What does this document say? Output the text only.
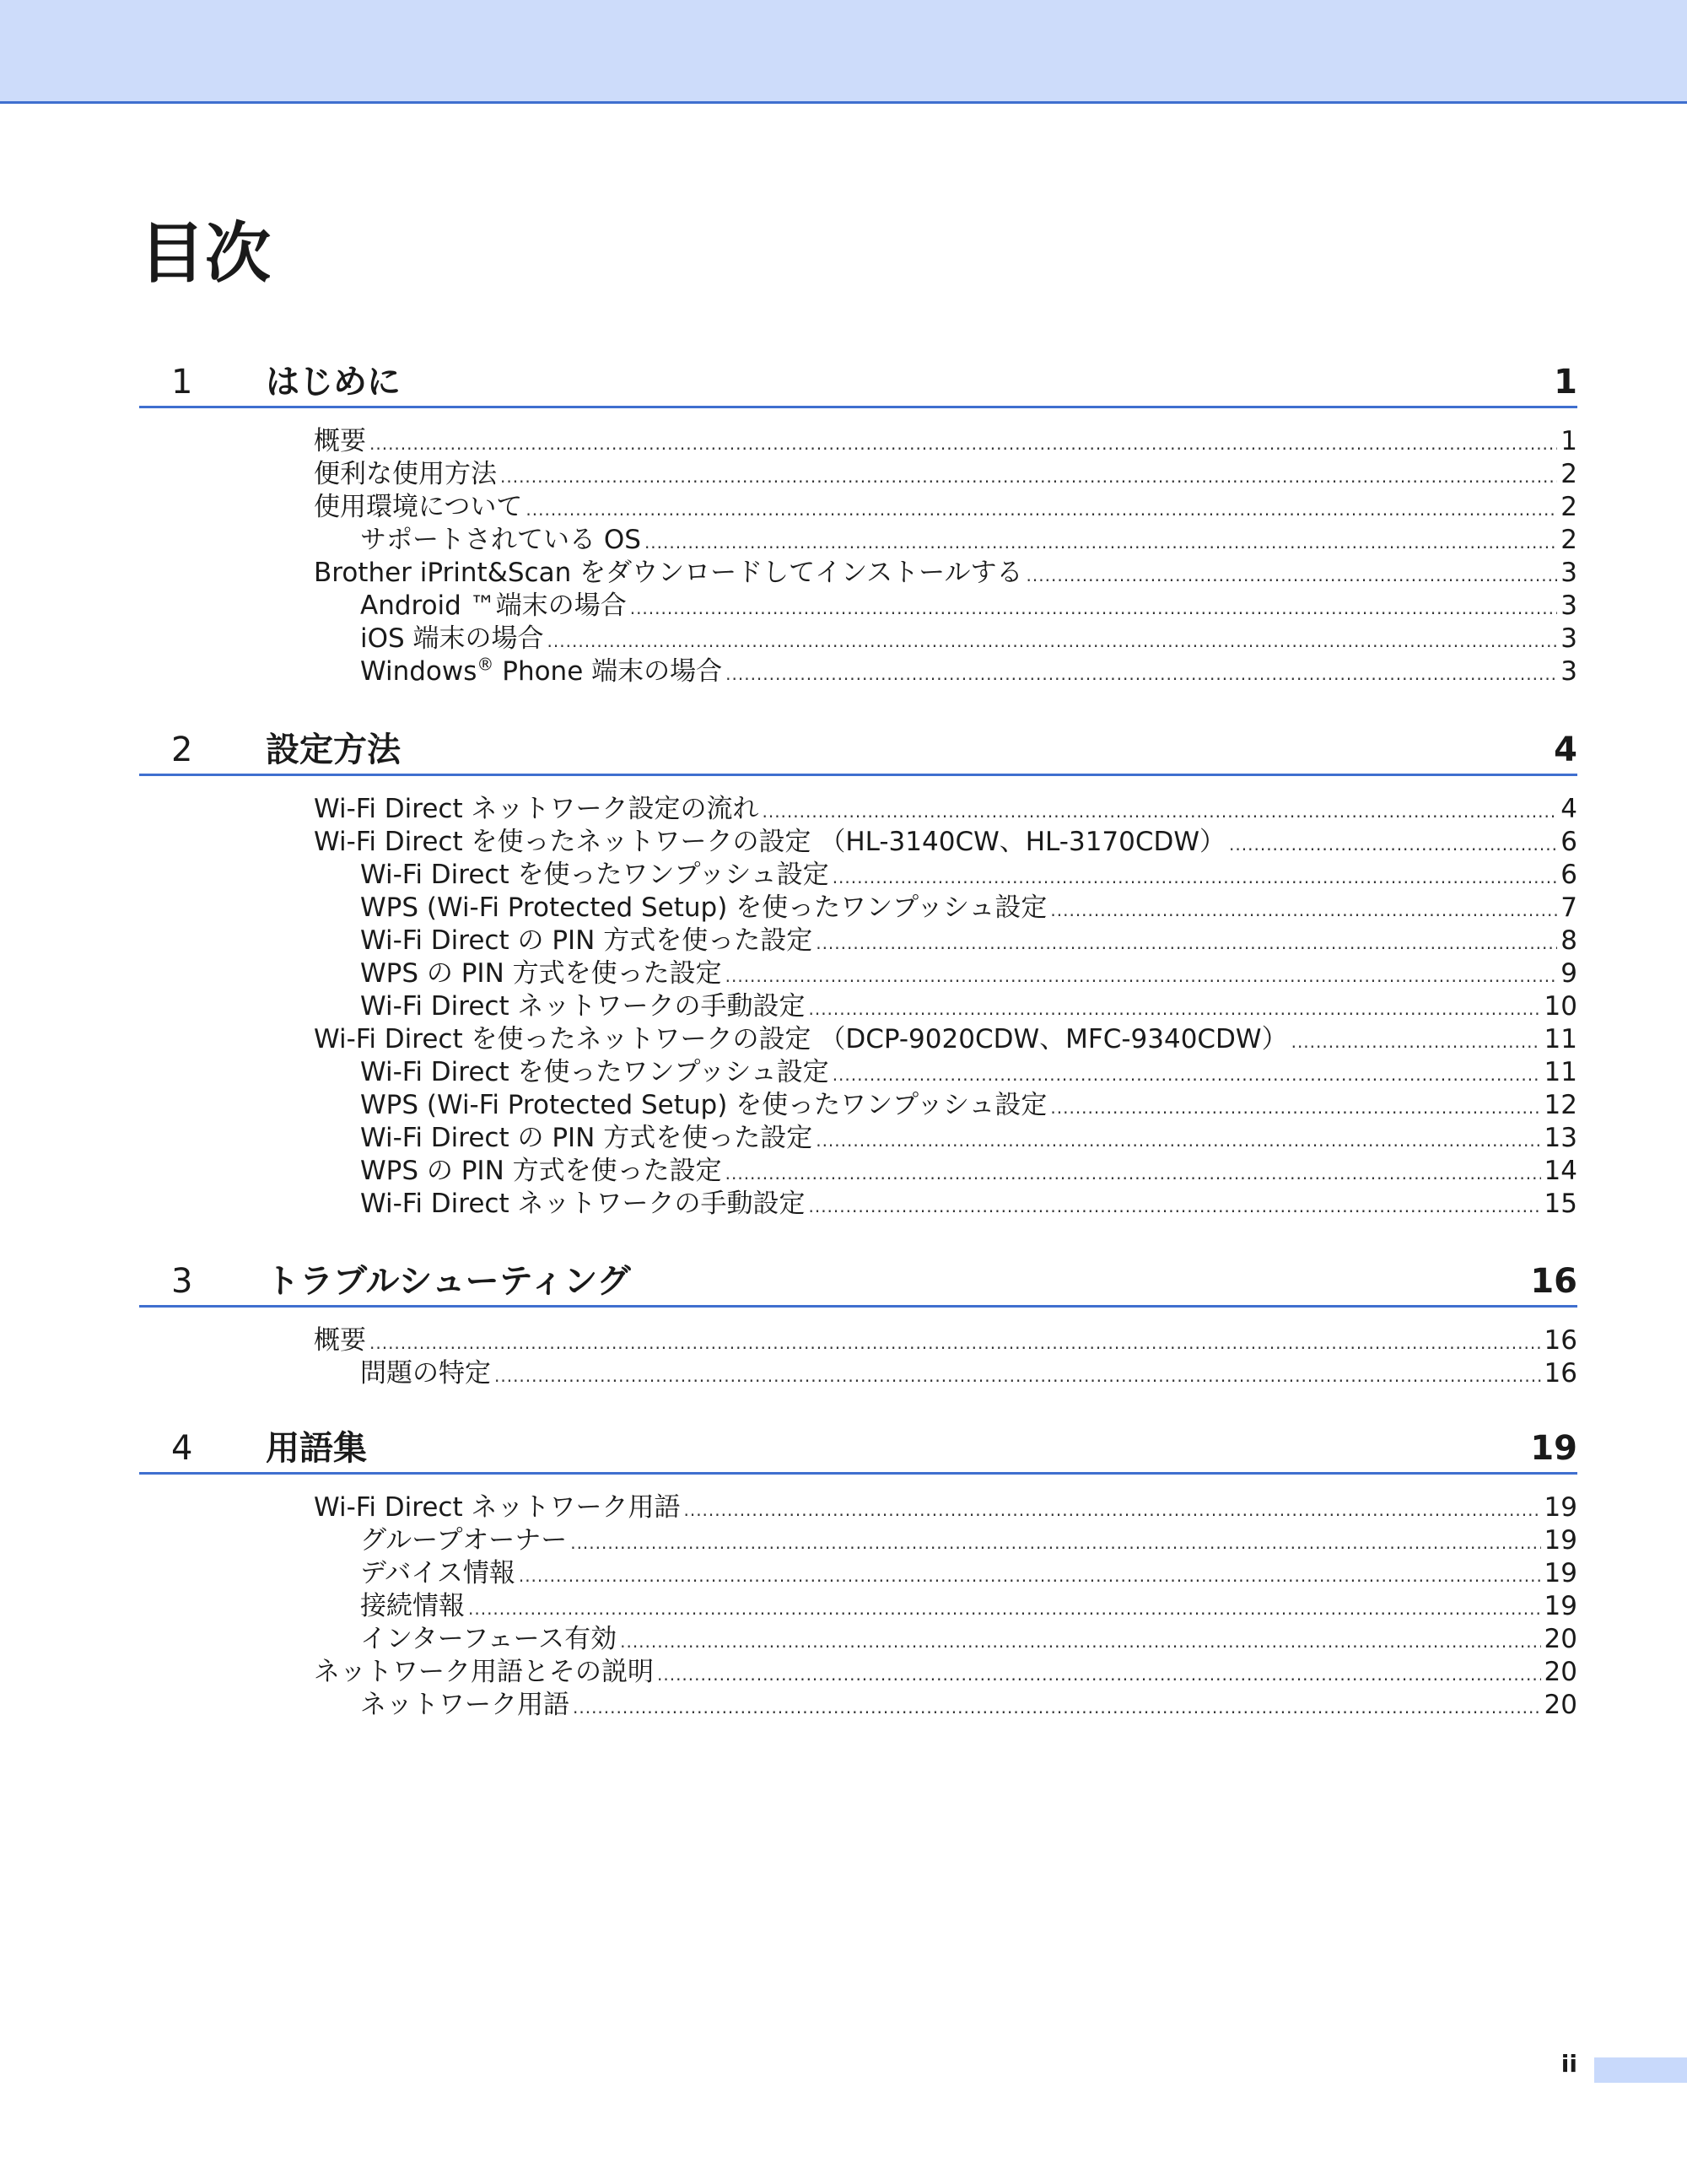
目次
1 はじめに	1
概要 .....	1
便利な使用方法 .....	2
使用環境について .....	2
サポートされている OS .....	2
Brother iPrint&Scan をダウンロードしてインストールする .....	3
Android ™端末の場合 .....	3
iOS 端末の場合 .....	3
Windows® Phone 端末の場合 .....	3
2 設定方法	4
Wi-Fi Direct ネットワーク設定の流れ .....	4
Wi-Fi Direct を使ったネットワークの設定 （HL-3140CW、HL-3170CDW） .....	6
Wi-Fi Direct を使ったワンプッシュ設定 .....	6
WPS (Wi-Fi Protected Setup) を使ったワンプッシュ設定 .....	7
Wi-Fi Direct の PIN 方式を使った設定 .....	8
WPS の PIN 方式を使った設定 .....	9
Wi-Fi Direct ネットワークの手動設定 .....	10
Wi-Fi Direct を使ったネットワークの設定 （DCP-9020CDW、MFC-9340CDW） .....	11
Wi-Fi Direct を使ったワンプッシュ設定 .....	11
WPS (Wi-Fi Protected Setup) を使ったワンプッシュ設定 .....	12
Wi-Fi Direct の PIN 方式を使った設定 .....	13
WPS の PIN 方式を使った設定 .....	14
Wi-Fi Direct ネットワークの手動設定 .....	15
3 トラブルシューティング	16
概要 .....	16
問題の特定 .....	16
4 用語集	19
Wi-Fi Direct ネットワーク用語 .....	19
グループオーナー .....	19
デバイス情報 .....	19
接続情報 .....	19
インターフェース有効 .....	20
ネットワーク用語とその説明 .....	20
ネットワーク用語 .....	20
ii
